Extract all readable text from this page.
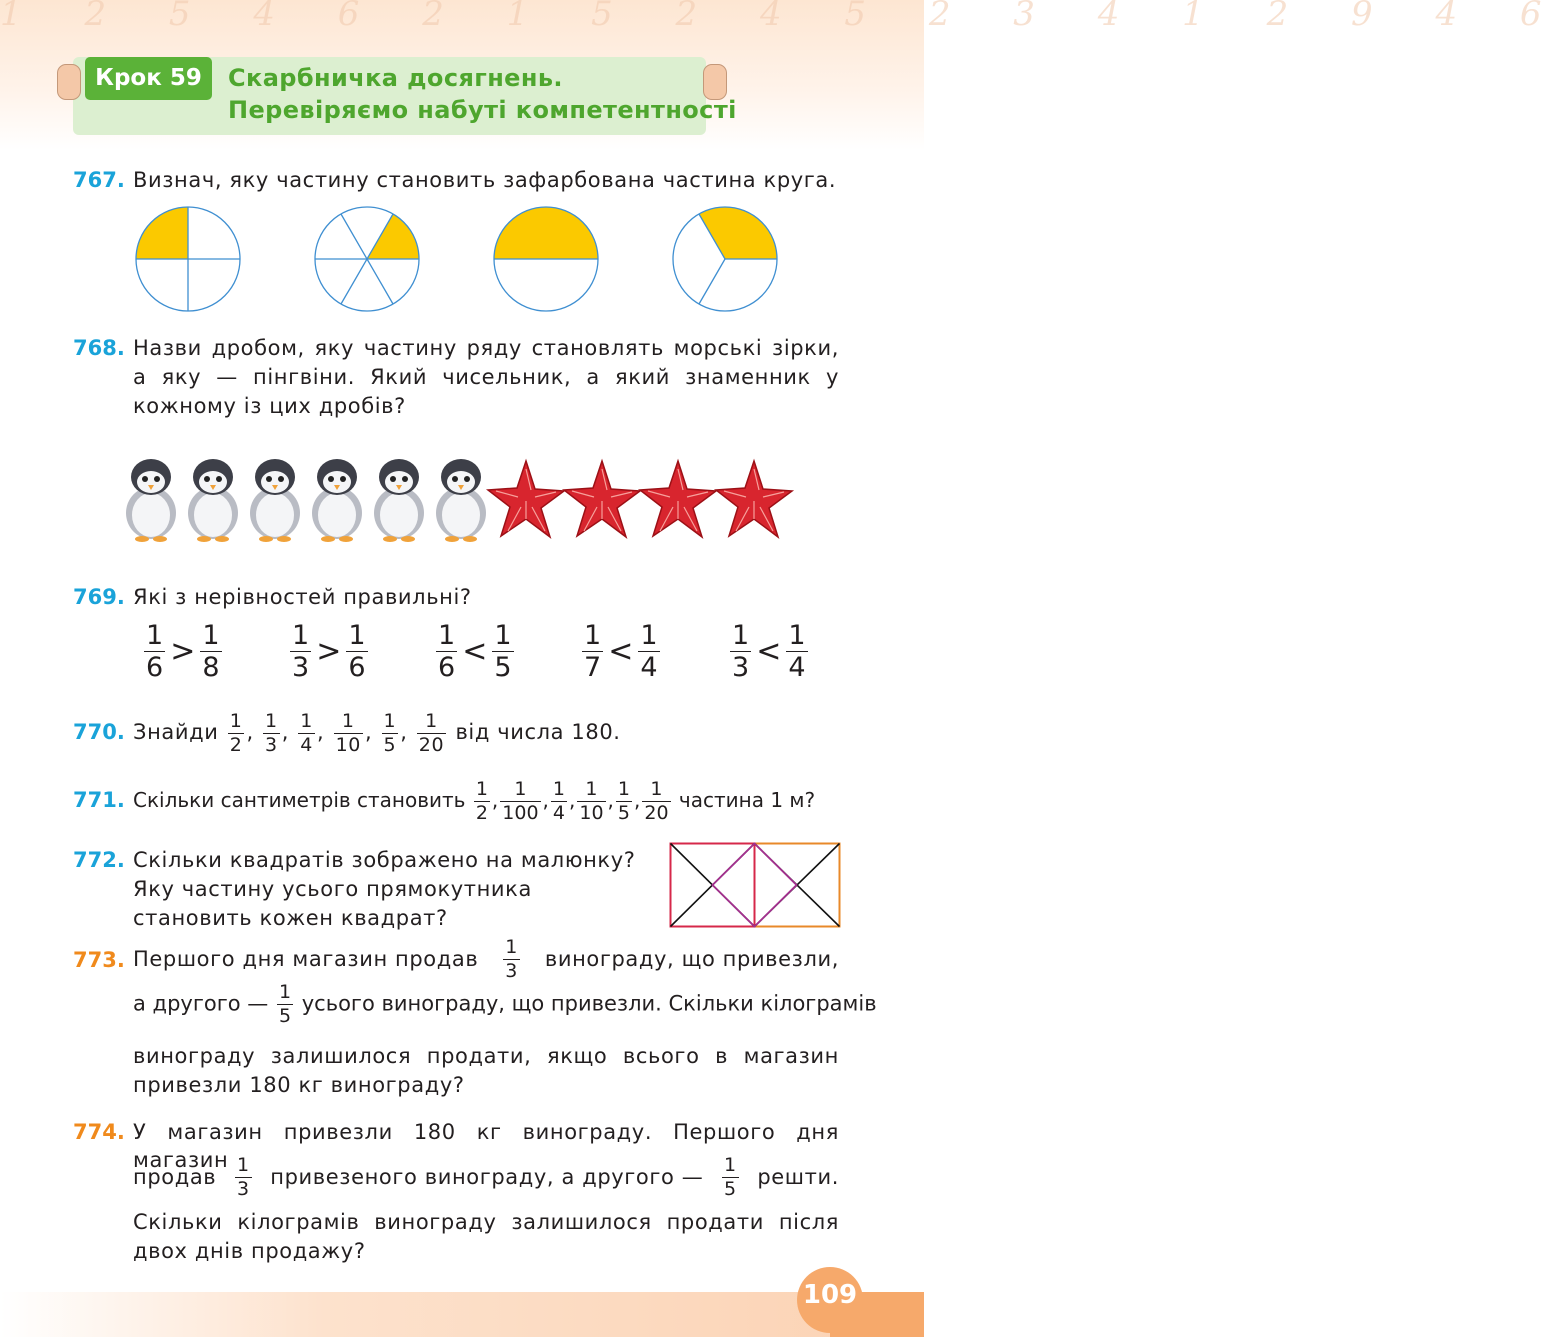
1 2 5 4 6 2 1 5 2 4 5 2 3 4 1 2 9 4 6
Крок 59	Скарбничка досягнень.
Перевіряємо набуті компетентності
767. Визнач, яку частину становить зафарбована частина круга.
768. Назви дробом, яку частину ряду становлять морські зірки, а яку — пінгвіни. Який чисельник, а який знаменник у кожному із цих дробів?
769. Які з нерівностей правильні?
$\frac{1}{6} > \frac{1}{8}$	$\frac{1}{3} > \frac{1}{6}$	$\frac{1}{6} < \frac{1}{5}$	$\frac{1}{7} < \frac{1}{4}$	$\frac{1}{3} < \frac{1}{4}$
770. Знайди $\frac{1}{2}$ , $\frac{1}{3}$ , $\frac{1}{4}$ , $\frac{1}{10}$ , $\frac{1}{5}$ , $\frac{1}{20}$ від числа 180.
771. Скільки сантиметрів становить $\frac{1}{2}$ , $\frac{1}{100}$ , $\frac{1}{4}$ , $\frac{1}{10}$ , $\frac{1}{5}$ , $\frac{1}{20}$ частина 1 м?
772. Скільки квадратів зображено на малюнку? Яку частину усього прямокутника становить кожен квадрат?
773. Першого дня магазин продав $\frac{1}{3}$ винограду, що привезли,
а другого — $\frac{1}{5}$ усього винограду, що привезли. Скільки кілограмів
винограду залишилося продати, якщо всього в магазин привезли 180 кг винограду?
774. У магазин привезли 180 кг винограду. Першого дня магазин
продав $\frac{1}{3}$ привезеного винограду, а другого — $\frac{1}{5}$ решти.
Скільки кілограмів винограду залишилося продати після двох днів продажу?
109
